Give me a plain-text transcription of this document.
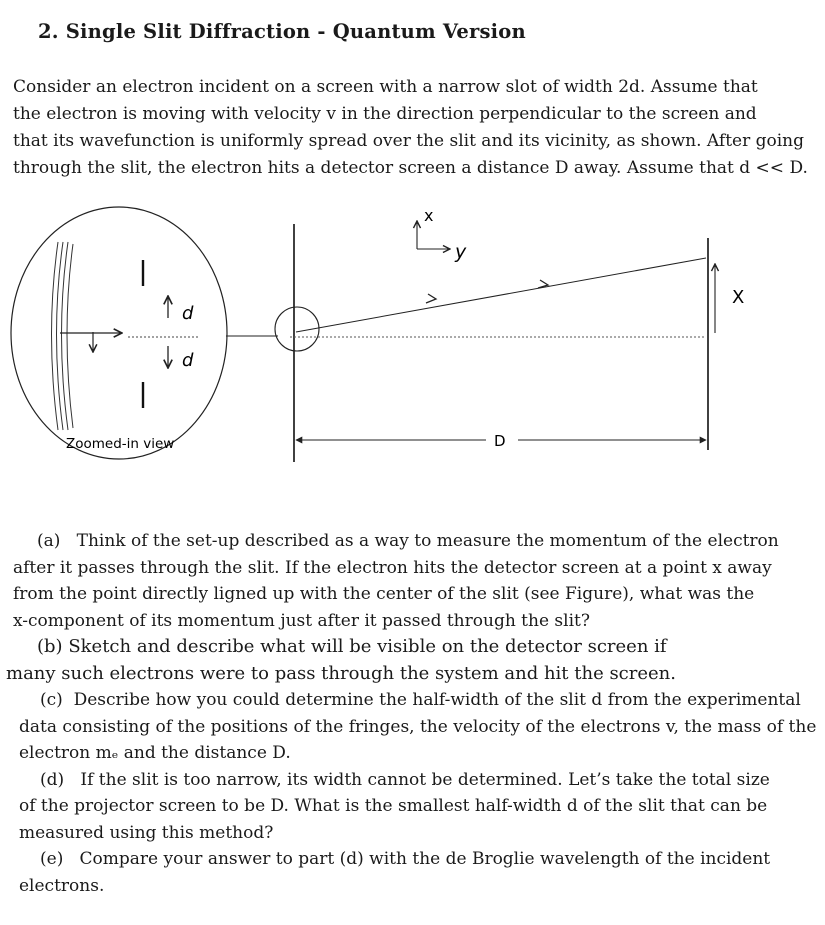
2. Single Slit Diffraction - Quantum Version

Consider an electron incident on a screen with a narrow slot of width 2d. Assume that
the electron is moving with velocity v in the direction perpendicular to the screen and
that its wavefunction is uniformly spread over the slit and its vicinity, as shown. After going
through the slit, the electron hits a detector screen a distance D away. Assume that d << D.

d
d
Zoomed-in view
X
x
y
D
(a) Think of the set-up described as a way to measure the momentum of the electron
after it passes through the slit. If the electron hits the detector screen at a point x away
from the point directly ligned up with the center of the slit (see Figure), what was the
x-component of its momentum just after it passed through the slit?
(b) Sketch and describe what will be visible on the detector screen if
many such electrons were to pass through the system and hit the screen.
(c) Describe how you could determine the half-width of the slit d from the experimental
data consisting of the positions of the fringes, the velocity of the electrons v, the mass of the
electron mₑ and the distance D.
(d) If the slit is too narrow, its width cannot be determined. Let’s take the total size
of the projector screen to be D. What is the smallest half-width d of the slit that can be
measured using this method?
(e) Compare your answer to part (d) with the de Broglie wavelength of the incident
electrons.
